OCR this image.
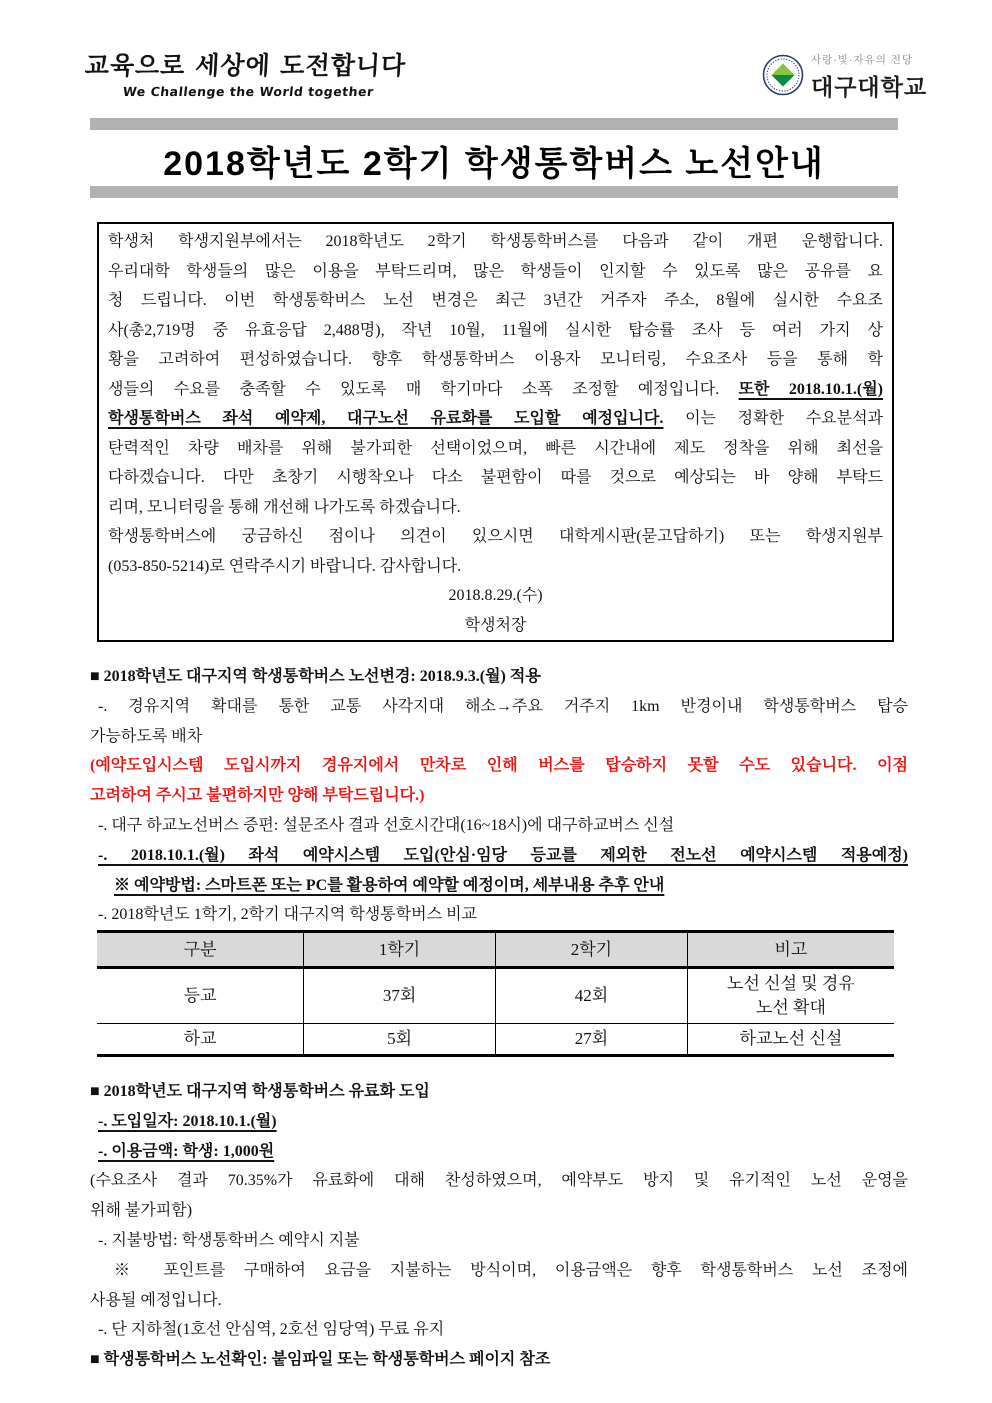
교육으로 세상에 도전합니다
We Challenge the World together
사랑·빛·자유의 전당
대구대학교
2018학년도 2학기 학생통학버스 노선안내
학생처 학생지원부에서는 2018학년도 2학기 학생통학버스를 다음과 같이 개편 운행합니다.
우리대학 학생들의 많은 이용을 부탁드리며, 많은 학생들이 인지할 수 있도록 많은 공유를 요
청 드립니다. 이번 학생통학버스 노선 변경은 최근 3년간 거주자 주소, 8월에 실시한 수요조
사(총2,719명 중 유효응답 2,488명), 작년 10월, 11월에 실시한 탑승률 조사 등 여러 가지 상
황을 고려하여 편성하였습니다. 향후 학생통학버스 이용자 모니터링, 수요조사 등을 통해 학
생들의 수요를 충족할 수 있도록 매 학기마다 소폭 조정할 예정입니다. 또한 2018.10.1.(월)
학생통학버스 좌석 예약제, 대구노선 유료화를 도입할 예정입니다. 이는 정확한 수요분석과
탄력적인 차량 배차를 위해 불가피한 선택이었으며, 빠른 시간내에 제도 정착을 위해 최선을
다하겠습니다. 다만 초창기 시행착오나 다소 불편함이 따를 것으로 예상되는 바 양해 부탁드
리며, 모니터링을 통해 개선해 나가도록 하겠습니다.
학생통학버스에 궁금하신 점이나 의견이 있으시면 대학게시판(묻고답하기) 또는 학생지원부
(053-850-5214)로 연락주시기 바랍니다. 감사합니다.
2018.8.29.(수)
학생처장
■ 2018학년도 대구지역 학생통학버스 노선변경: 2018.9.3.(월) 적용
-. 경유지역 확대를 통한 교통 사각지대 해소→주요 거주지 1km 반경이내 학생통학버스 탑승
가능하도록 배차
(예약도입시스템 도입시까지 경유지에서 만차로 인해 버스를 탑승하지 못할 수도 있습니다. 이점
고려하여 주시고 불편하지만 양해 부탁드립니다.)
-. 대구 하교노선버스 증편: 설문조사 결과 선호시간대(16~18시)에 대구하교버스 신설
-. 2018.10.1.(월) 좌석 예약시스템 도입(안심·임당 등교를 제외한 전노선 예약시스템 적용예정)
※ 예약방법: 스마트폰 또는 PC를 활용하여 예약할 예정이며, 세부내용 추후 안내
-. 2018학년도 1학기, 2학기 대구지역 학생통학버스 비교
구분	1학기	2학기	비고

등교	37회	42회	노선 신설 및 경유
노선 확대

하교	5회	27회	하교노선 신설
■ 2018학년도 대구지역 학생통학버스 유료화 도입
-. 도입일자: 2018.10.1.(월)
-. 이용금액: 학생: 1,000원
(수요조사 결과 70.35%가 유료화에 대해 찬성하였으며, 예약부도 방지 및 유기적인 노선 운영을
위해 불가피함)
-. 지불방법: 학생통학버스 예약시 지불
※ 포인트를 구매하여 요금을 지불하는 방식이며, 이용금액은 향후 학생통학버스 노선 조정에
사용될 예정입니다.
-. 단 지하철(1호선 안심역, 2호선 임당역) 무료 유지
■ 학생통학버스 노선확인: 붙임파일 또는 학생통학버스 페이지 참조
